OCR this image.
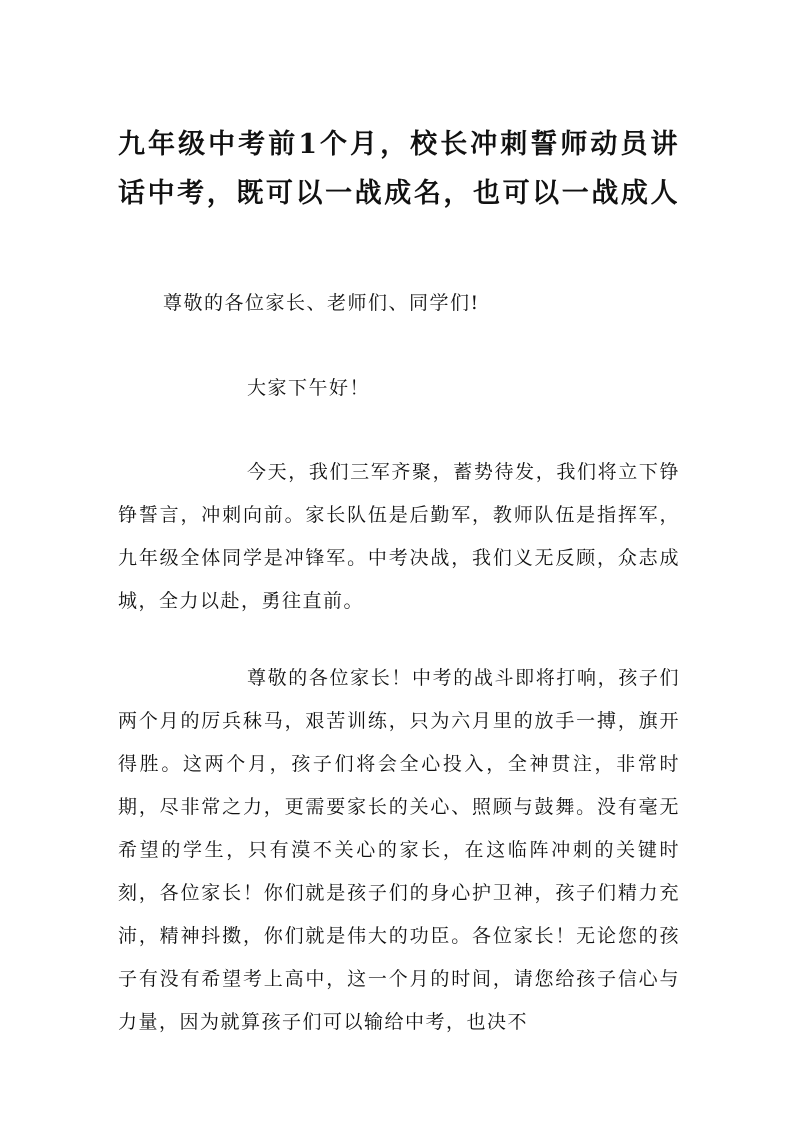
九年级中考前1个月，校长冲刺誓师动员讲
话中考，既可以一战成名，也可以一战成人

尊敬的各位家长、老师们、同学们!

大家下午好！

今天，我们三军齐聚，蓄势待发，我们将立下铮铮誓言，冲刺向前。家长队伍是后勤军，教师队伍是指挥军，九年级全体同学是冲锋军。中考决战，我们义无反顾，众志成城，全力以赴，勇往直前。

尊敬的各位家长！中考的战斗即将打响，孩子们两个月的厉兵秣马，艰苦训练，只为六月里的放手一搏，旗开得胜。这两个月，孩子们将会全心投入，全神贯注，非常时期，尽非常之力，更需要家长的关心、照顾与鼓舞。没有毫无希望的学生，只有漠不关心的家长，在这临阵冲刺的关键时刻，各位家长！你们就是孩子们的身心护卫神，孩子们精力充沛，精神抖擞，你们就是伟大的功臣。各位家长！无论您的孩子有没有希望考上高中，这一个月的时间，请您给孩子信心与力量，因为就算孩子们可以输给中考，也决不
